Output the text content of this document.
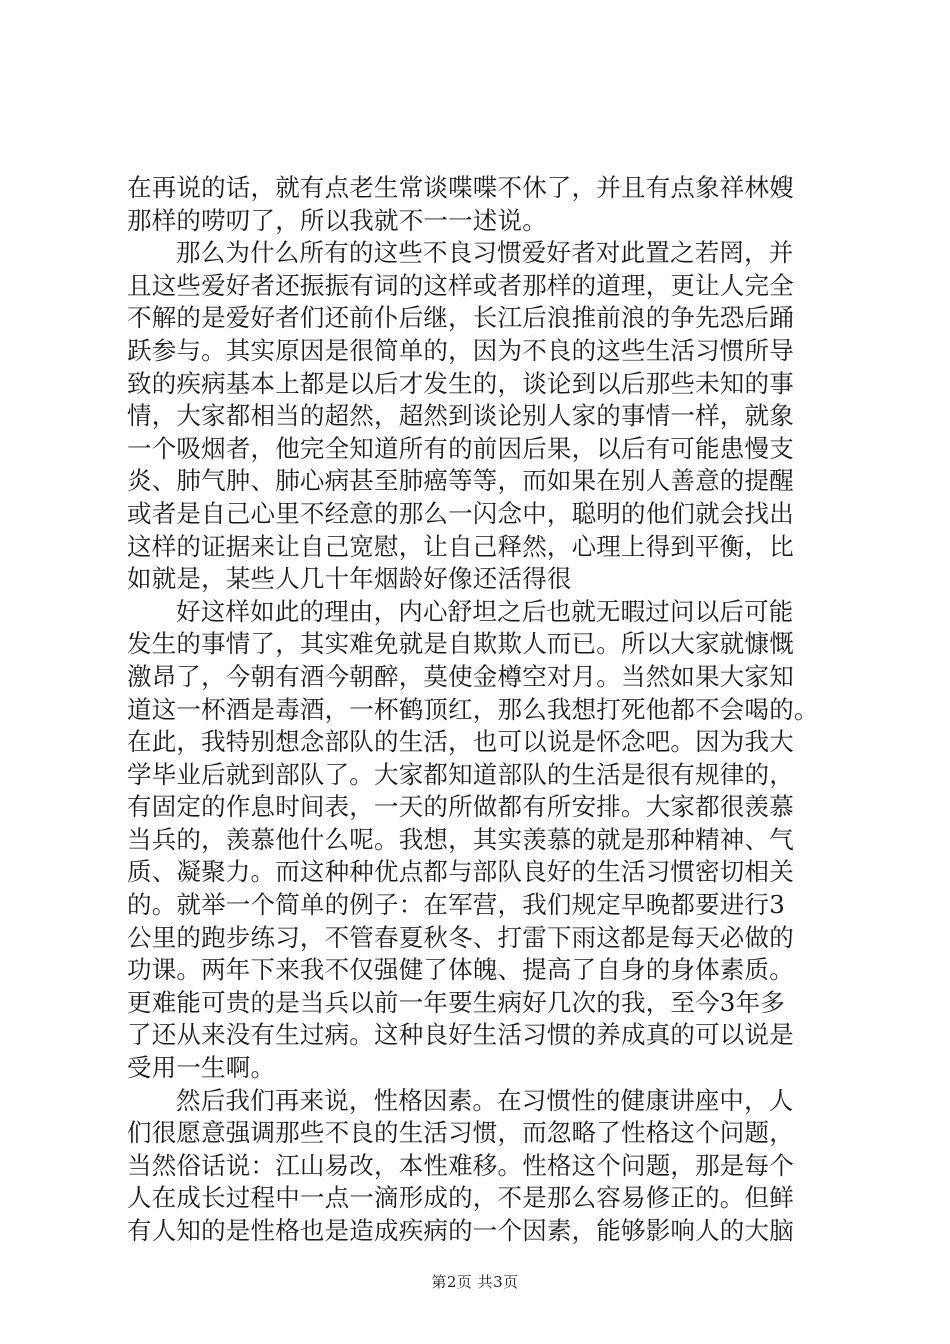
在再说的话，就有点老生常谈喋喋不休了，并且有点象祥林嫂
那样的唠叨了，所以我就不一一述说。

那么为什么所有的这些不良习惯爱好者对此置之若罔，并
且这些爱好者还振振有词的这样或者那样的道理，更让人完全
不解的是爱好者们还前仆后继，长江后浪推前浪的争先恐后踊
跃参与。其实原因是很简单的，因为不良的这些生活习惯所导
致的疾病基本上都是以后才发生的，谈论到以后那些未知的事
情，大家都相当的超然，超然到谈论别人家的事情一样，就象
一个吸烟者，他完全知道所有的前因后果，以后有可能患慢支
炎、肺气肿、肺心病甚至肺癌等等，而如果在别人善意的提醒
或者是自己心里不经意的那么一闪念中，聪明的他们就会找出
这样的证据来让自己宽慰，让自己释然，心理上得到平衡，比
如就是，某些人几十年烟龄好像还活得很

好这样如此的理由，内心舒坦之后也就无暇过问以后可能
发生的事情了，其实难免就是自欺欺人而已。所以大家就慷慨
激昂了，今朝有酒今朝醉，莫使金樽空对月。当然如果大家知
道这一杯酒是毒酒，一杯鹤顶红，那么我想打死他都不会喝的。
在此，我特别想念部队的生活，也可以说是怀念吧。因为我大
学毕业后就到部队了。大家都知道部队的生活是很有规律的，
有固定的作息时间表，一天的所做都有所安排。大家都很羡慕
当兵的，羡慕他什么呢。我想，其实羡慕的就是那种精神、气
质、凝聚力。而这种种优点都与部队良好的生活习惯密切相关
的。就举一个简单的例子：在军营，我们规定早晚都要进行3
公里的跑步练习，不管春夏秋冬、打雷下雨这都是每天必做的
功课。两年下来我不仅强健了体魄、提高了自身的身体素质。
更难能可贵的是当兵以前一年要生病好几次的我，至今3年多
了还从来没有生过病。这种良好生活习惯的养成真的可以说是
受用一生啊。

然后我们再来说，性格因素。在习惯性的健康讲座中，人
们很愿意强调那些不良的生活习惯，而忽略了性格这个问题，
当然俗话说：江山易改，本性难移。性格这个问题，那是每个
人在成长过程中一点一滴形成的，不是那么容易修正的。但鲜
有人知的是性格也是造成疾病的一个因素，能够影响人的大脑

第2页 共3页
